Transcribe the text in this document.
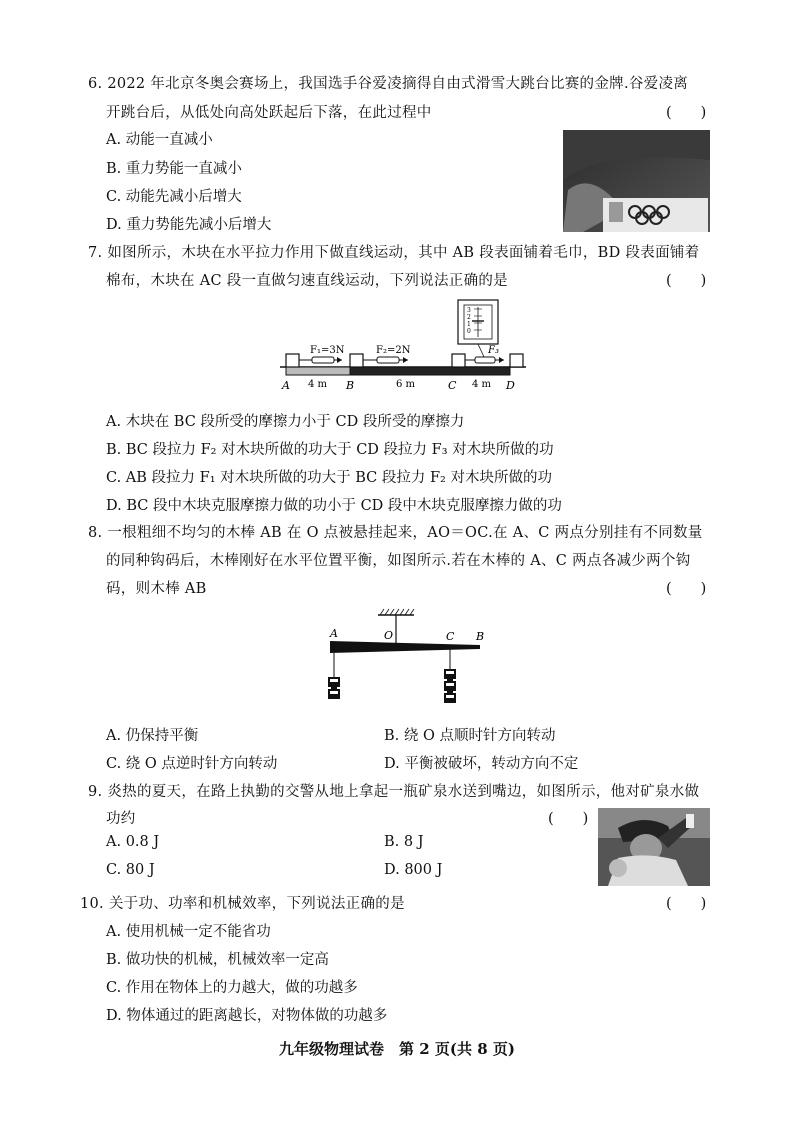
6. 2022 年北京冬奥会赛场上，我国选手谷爱凌摘得自由式滑雪大跳台比赛的金牌.谷爱凌离
开跳台后，从低处向高处跃起后下落，在此过程中	(　　)
A. 动能一直减小
B. 重力势能一直减小
C. 动能先减小后增大
D. 重力势能先减小后增大
7. 如图所示，木块在水平拉力作用下做直线运动，其中 AB 段表面铺着毛巾，BD 段表面铺着
棉布，木块在 AC 段一直做匀速直线运动，下列说法正确的是	(　　)
F₁=3N	F₂=2N	F₃
3
2
1
0
A	B	C	D
4 m	6 m	4 m
A. 木块在 BC 段所受的摩擦力小于 CD 段所受的摩擦力
B. BC 段拉力 F₂ 对木块所做的功大于 CD 段拉力 F₃ 对木块所做的功
C. AB 段拉力 F₁ 对木块所做的功大于 BC 段拉力 F₂ 对木块所做的功
D. BC 段中木块克服摩擦力做的功小于 CD 段中木块克服摩擦力做的功
8. 一根粗细不均匀的木棒 AB 在 O 点被悬挂起来，AO＝OC.在 A、C 两点分别挂有不同数量
的同种钩码后，木棒刚好在水平位置平衡，如图所示.若在木棒的 A、C 两点各减少两个钩
码，则木棒 AB	(　　)
A	O	C B
A. 仍保持平衡	B. 绕 O 点顺时针方向转动
C. 绕 O 点逆时针方向转动	D. 平衡被破坏，转动方向不定
9. 炎热的夏天，在路上执勤的交警从地上拿起一瓶矿泉水送到嘴边，如图所示，他对矿泉水做
功约	(　　)
A. 0.8 J	B. 8 J
C. 80 J	D. 800 J
10. 关于功、功率和机械效率，下列说法正确的是	(　　)
A. 使用机械一定不能省功
B. 做功快的机械，机械效率一定高
C. 作用在物体上的力越大，做的功越多
D. 物体通过的距离越长，对物体做的功越多
九年级物理试卷　第 2 页(共 8 页)
